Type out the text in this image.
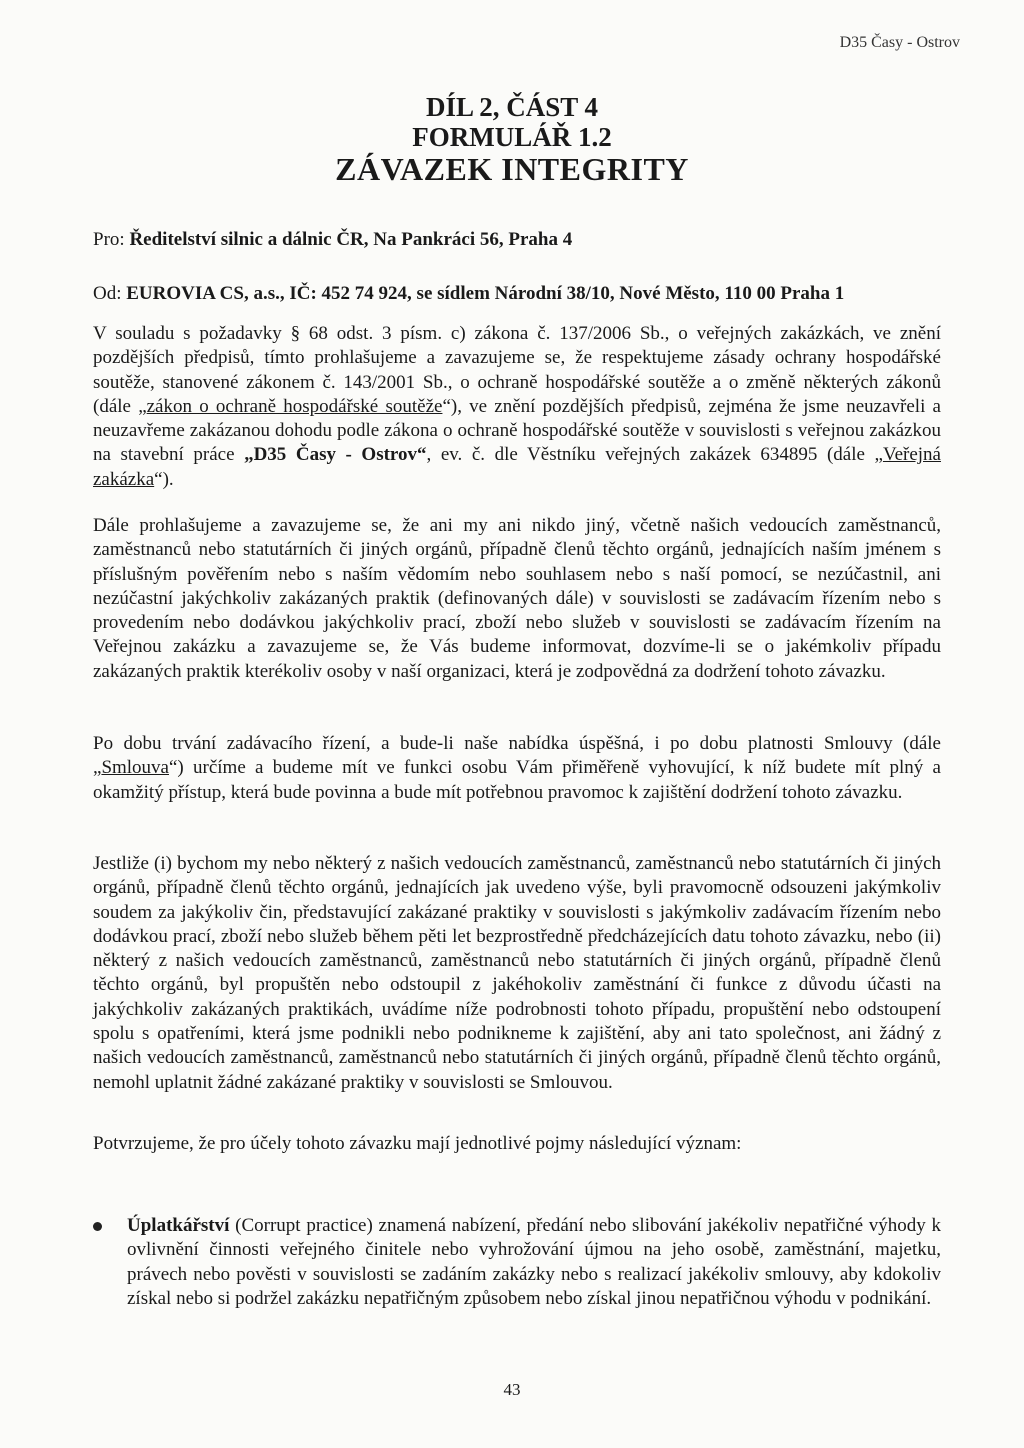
D35 Časy - Ostrov
DÍL 2, ČÁST 4
FORMULÁŘ 1.2
ZÁVAZEK INTEGRITY
Pro: Ředitelství silnic a dálnic ČR, Na Pankráci 56, Praha 4
Od: EUROVIA CS, a.s., IČ: 452 74 924, se sídlem Národní 38/10, Nové Město, 110 00 Praha 1
V souladu s požadavky § 68 odst. 3 písm. c) zákona č. 137/2006 Sb., o veřejných zakázkách, ve znění pozdějších předpisů, tímto prohlašujeme a zavazujeme se, že respektujeme zásady ochrany hospodářské soutěže, stanovené zákonem č. 143/2001 Sb., o ochraně hospodářské soutěže a o změně některých zákonů (dále „zákon o ochraně hospodářské soutěže“), ve znění pozdějších předpisů, zejména že jsme neuzavřeli a neuzavřeme zakázanou dohodu podle zákona o ochraně hospodářské soutěže v souvislosti s veřejnou zakázkou na stavební práce „D35 Časy - Ostrov“, ev. č. dle Věstníku veřejných zakázek 634895 (dále „Veřejná zakázka“).
Dále prohlašujeme a zavazujeme se, že ani my ani nikdo jiný, včetně našich vedoucích zaměstnanců, zaměstnanců nebo statutárních či jiných orgánů, případně členů těchto orgánů, jednajících naším jménem s příslušným pověřením nebo s naším vědomím nebo souhlasem nebo s naší pomocí, se nezúčastnil, ani nezúčastní jakýchkoliv zakázaných praktik (definovaných dále) v souvislosti se zadávacím řízením nebo s provedením nebo dodávkou jakýchkoliv prací, zboží nebo služeb v souvislosti se zadávacím řízením na Veřejnou zakázku a zavazujeme se, že Vás budeme informovat, dozvíme-li se o jakémkoliv případu zakázaných praktik kterékoliv osoby v naší organizaci, která je zodpovědná za dodržení tohoto závazku.
Po dobu trvání zadávacího řízení, a bude-li naše nabídka úspěšná, i po dobu platnosti Smlouvy (dále „Smlouva“) určíme a budeme mít ve funkci osobu Vám přiměřeně vyhovující, k níž budete mít plný a okamžitý přístup, která bude povinna a bude mít potřebnou pravomoc k zajištění dodržení tohoto závazku.
Jestliže (i) bychom my nebo některý z našich vedoucích zaměstnanců, zaměstnanců nebo statutárních či jiných orgánů, případně členů těchto orgánů, jednajících jak uvedeno výše, byli pravomocně odsouzeni jakýmkoliv soudem za jakýkoliv čin, představující zakázané praktiky v souvislosti s jakýmkoliv zadávacím řízením nebo dodávkou prací, zboží nebo služeb během pěti let bezprostředně předcházejících datu tohoto závazku, nebo (ii) některý z našich vedoucích zaměstnanců, zaměstnanců nebo statutárních či jiných orgánů, případně členů těchto orgánů, byl propuštěn nebo odstoupil z jakéhokoliv zaměstnání či funkce z důvodu účasti na jakýchkoliv zakázaných praktikách, uvádíme níže podrobnosti tohoto případu, propuštění nebo odstoupení spolu s opatřeními, která jsme podnikli nebo podnikneme k zajištění, aby ani tato společnost, ani žádný z našich vedoucích zaměstnanců, zaměstnanců nebo statutárních či jiných orgánů, případně členů těchto orgánů, nemohl uplatnit žádné zakázané praktiky v souvislosti se Smlouvou.
Potvrzujeme, že pro účely tohoto závazku mají jednotlivé pojmy následující význam:
Úplatkářství (Corrupt practice) znamená nabízení, předání nebo slibování jakékoliv nepatřičné výhody k ovlivnění činnosti veřejného činitele nebo vyhrožování újmou na jeho osobě, zaměstnání, majetku, právech nebo pověsti v souvislosti se zadáním zakázky nebo s realizací jakékoliv smlouvy, aby kdokoliv získal nebo si podržel zakázku nepatřičným způsobem nebo získal jinou nepatřičnou výhodu v podnikání.
43
